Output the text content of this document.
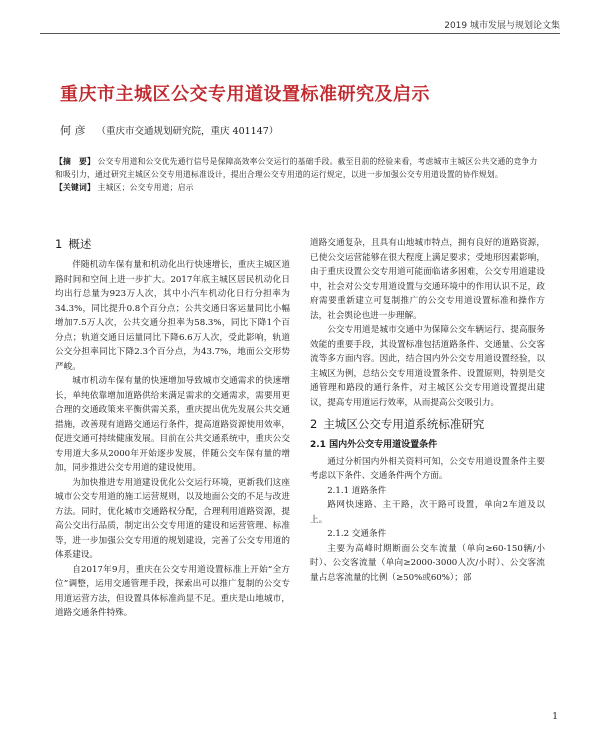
2019 城市发展与规划论文集
重庆市主城区公交专用道设置标准研究及启示
何 彦 （重庆市交通规划研究院，重庆 401147）

【摘　要】 公交专用道和公交优先通行信号是保障高效率公交运行的基础手段。截至目前的经验来看，考虑城市主城区公共交通的竞争力和吸引力，通过研究主城区公交专用道标准设计，提出合理公交专用道的运行规定，以进一步加强公交专用道设置的协作规划。

【关键词】 主城区；公交专用道；启示

1 概述

伴随机动车保有量和机动化出行快速增长，重庆主城区道路时间和空间上进一步扩大。2017年底主城区居民机动化日均出行总量为923万人次，其中小汽车机动化日行分担率为34.3%，同比提升0.8个百分点；公共交通日客运量同比小幅增加7.5万人次，公共交通分担率为58.3%，同比下降1个百分点；轨道交通日运量同比下降6.6万人次，受此影响，轨道公交分担率同比下降2.3个百分点，为43.7%，地面公交形势严峻。

城市机动车保有量的快速增加导致城市交通需求的快速增长，单纯依靠增加道路供给来满足需求的交通需求，需要用更合理的交通政策来平衡供需关系，重庆提出优先发展公共交通措施，改善现有道路交通运行条件，提高道路资源使用效率，促进交通可持续健康发展。目前在公共交通系统中，重庆公交专用道大多从2000年开始逐步发展，伴随公交车保有量的增加，同步推进公交专用道的建设使用。

为加快推进专用道建设优化公交运行环境，更新我们这座城市公交专用道的施工运营规则，以及地面公交的不足与改进方法。同时，优化城市交通路权分配，合理利用道路资源，提高公交出行品质，制定出公交专用道的建设和运营管理、标准等，进一步加强公交专用道的规划建设，完善了公交专用道的体系建设。

自2017年9月，重庆在公交专用道设置标准上开始“全方位”调整，运用交通管理手段，探索出可以推广复制的公交专用道运营方法，但设置具体标准尚显不足。重庆是山地城市，道路交通条件特殊。

道路交通复杂，且具有山地城市特点，拥有良好的道路资源，已使公交运营能够在很大程度上满足要求；受地形因素影响，由于重庆设置公交专用道可能面临诸多困难，公交专用道建设中，社会对公交专用道设置与交通环境中的作用认识不足，政府需要重新建立可复制推广的公交专用道设置标准和操作方法，社会舆论也进一步理解。

公交专用道是城市交通中为保障公交车辆运行、提高服务效能的重要手段，其设置标准包括道路条件、交通量、公交客流等多方面内容。因此，结合国内外公交专用道设置经验，以主城区为例，总结公交专用道设置条件、设置原则，特别是交通管理和路段的通行条件，对主城区公交专用道设置提出建议，提高专用道运行效率，从而提高公交吸引力。

2 主城区公交专用道系统标准研究
2.1 国内外公交专用道设置条件

通过分析国内外相关资料可知，公交专用道设置条件主要考虑以下条件、交通条件两个方面。

2.1.1 道路条件

路网快速路、主干路，次干路可设置，单向2车道及以上。

2.1.2 交通条件

主要为高峰时期断面公交车流量（单向≥60-150辆/小时）、公交客流量（单向≥2000-3000人次/小时）、公交客流量占总客流量的比例（≥50%或60%）；部

1
